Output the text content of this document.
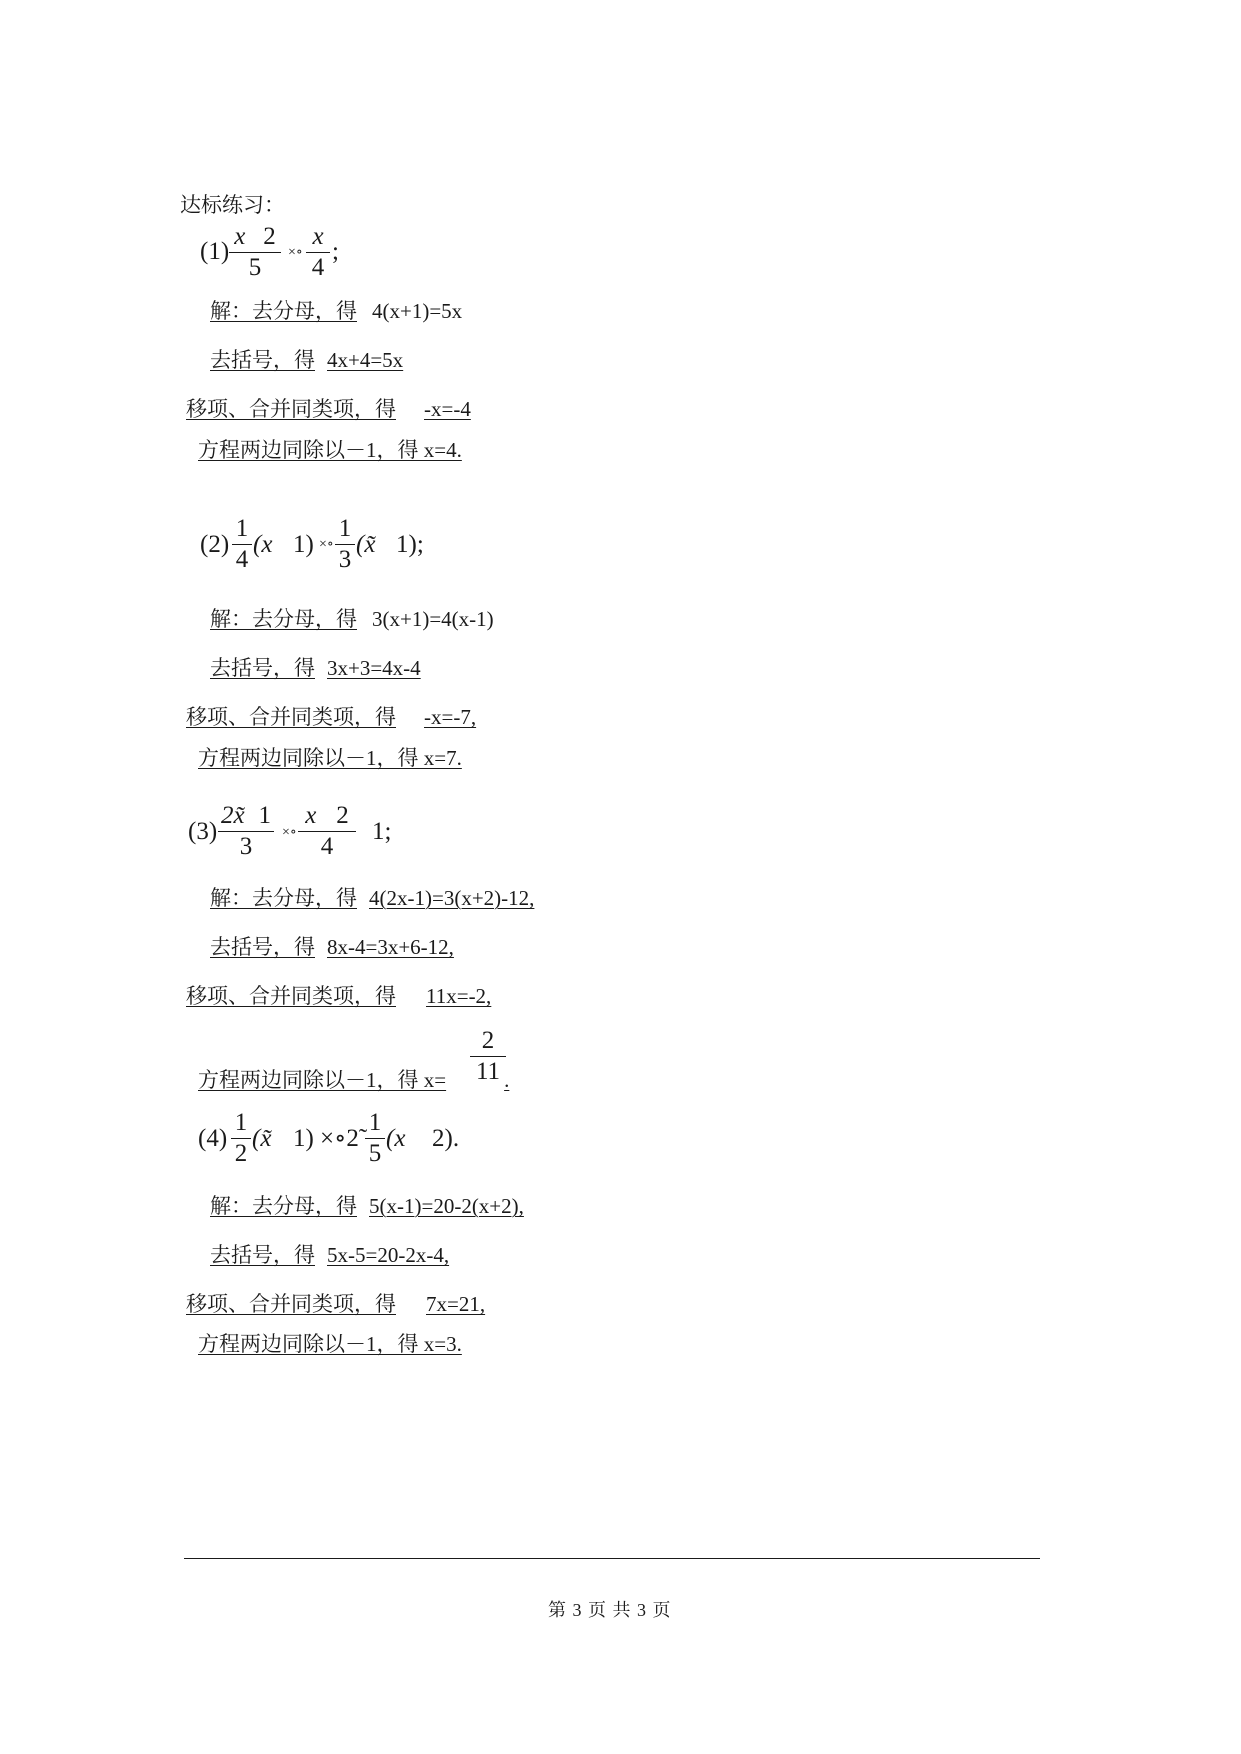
达标练习：
(1)
x 2
5
×∘
x
4
;
解：去分母，得 4(x+1)=5x
去括号，得 4x+4=5x
移项、合并同类项，得 -x=-4
方程两边同除以－1，得 x=4.
(2)
1
4
(x 1) ×∘
1
3
(x̃ 1);
解：去分母，得 3(x+1)=4(x-1)
去括号，得 3x+3=4x-4
移项、合并同类项，得 -x=-7,
方程两边同除以－1，得 x=7.
(3)
2x̃ 1
3
×∘
x 2
4
1;
解：去分母，得 4(2x-1)=3(x+2)-12,
去括号，得 8x-4=3x+6-12,
移项、合并同类项，得 11x=-2,
方程两边同除以－1，得 x=	.
2
11
(4)
1
2
(x̃ 1) ×∘2̃
1
5
(x 2).
解：去分母，得 5(x-1)=20-2(x+2),
去括号，得 5x-5=20-2x-4,
移项、合并同类项，得 7x=21,
方程两边同除以－1，得 x=3.
第 3 页 共 3 页
